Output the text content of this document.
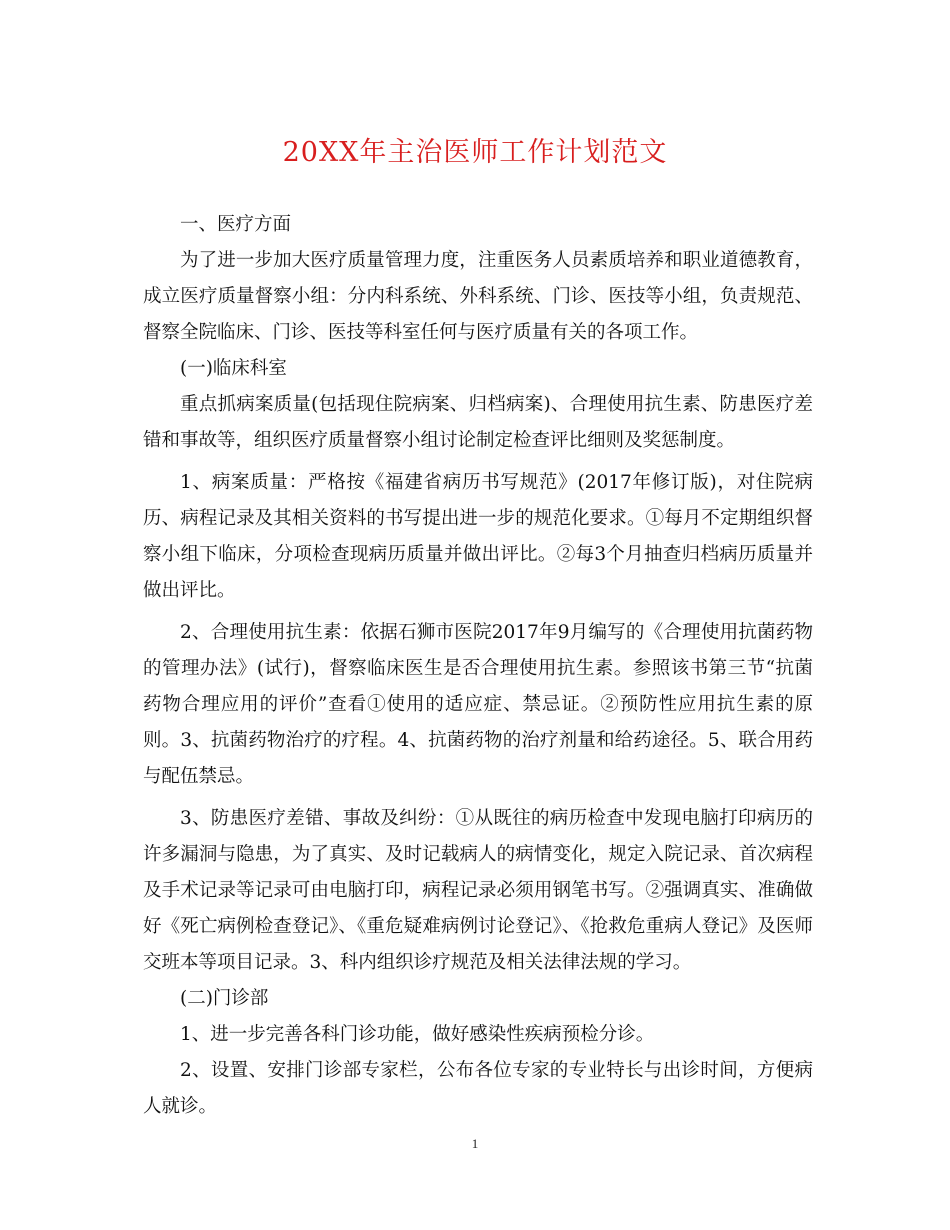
20XX年主治医师工作计划范文

一、医疗方面

为了进一步加大医疗质量管理力度，注重医务人员素质培养和职业道德教育，成立医疗质量督察小组：分内科系统、外科系统、门诊、医技等小组，负责规范、督察全院临床、门诊、医技等科室任何与医疗质量有关的各项工作。

(一)临床科室

重点抓病案质量(包括现住院病案、归档病案)、合理使用抗生素、防患医疗差错和事故等，组织医疗质量督察小组讨论制定检查评比细则及奖惩制度。

1、病案质量：严格按《福建省病历书写规范》(2017年修订版)，对住院病历、病程记录及其相关资料的书写提出进一步的规范化要求。①每月不定期组织督察小组下临床，分项检查现病历质量并做出评比。②每3个月抽查归档病历质量并做出评比。

2、合理使用抗生素：依据石狮市医院2017年9月编写的《合理使用抗菌药物的管理办法》(试行)，督察临床医生是否合理使用抗生素。参照该书第三节“抗菌药物合理应用的评价”查看①使用的适应症、禁忌证。②预防性应用抗生素的原则。3、抗菌药物治疗的疗程。4、抗菌药物的治疗剂量和给药途径。5、联合用药与配伍禁忌。

3、防患医疗差错、事故及纠纷：①从既往的病历检查中发现电脑打印病历的许多漏洞与隐患，为了真实、及时记载病人的病情变化，规定入院记录、首次病程及手术记录等记录可由电脑打印，病程记录必须用钢笔书写。②强调真实、准确做好《死亡病例检查登记》、《重危疑难病例讨论登记》、《抢救危重病人登记》及医师交班本等项目记录。3、科内组织诊疗规范及相关法律法规的学习。

(二)门诊部

1、进一步完善各科门诊功能，做好感染性疾病预检分诊。

2、设置、安排门诊部专家栏，公布各位专家的专业特长与出诊时间，方便病人就诊。

1
